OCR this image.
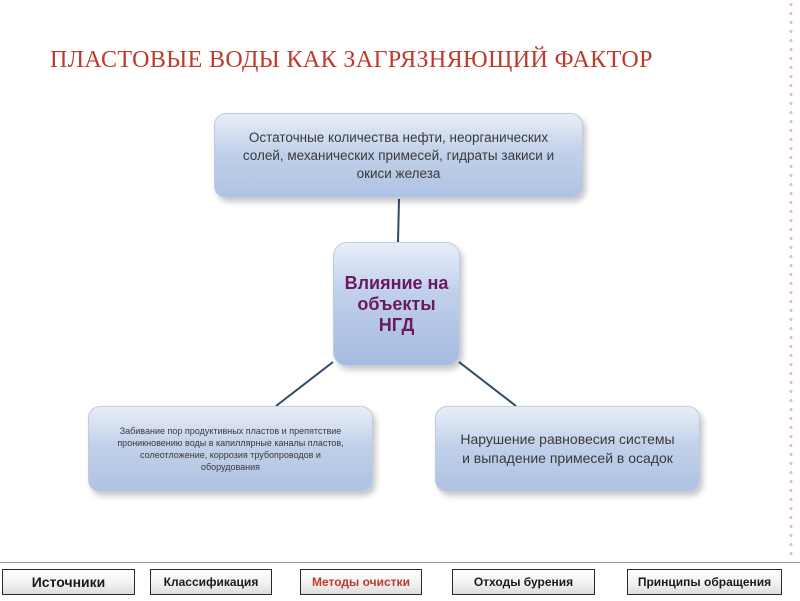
ПЛАСТОВЫЕ ВОДЫ КАК ЗАГРЯЗНЯЮЩИЙ ФАКТОР
Остаточные количества нефти, неорганических солей, механических примесей, гидраты закиси и окиси железа
Влияние на объекты НГД
Забивание пор продуктивных пластов и препятствие проникновению воды в капиллярные каналы пластов, солеотложение, коррозия трубопроводов и оборудования
Нарушение равновесия системы и выпадение примесей в осадок
Источники	Классификация	Методы очистки	Отходы бурения	Принципы обращения
